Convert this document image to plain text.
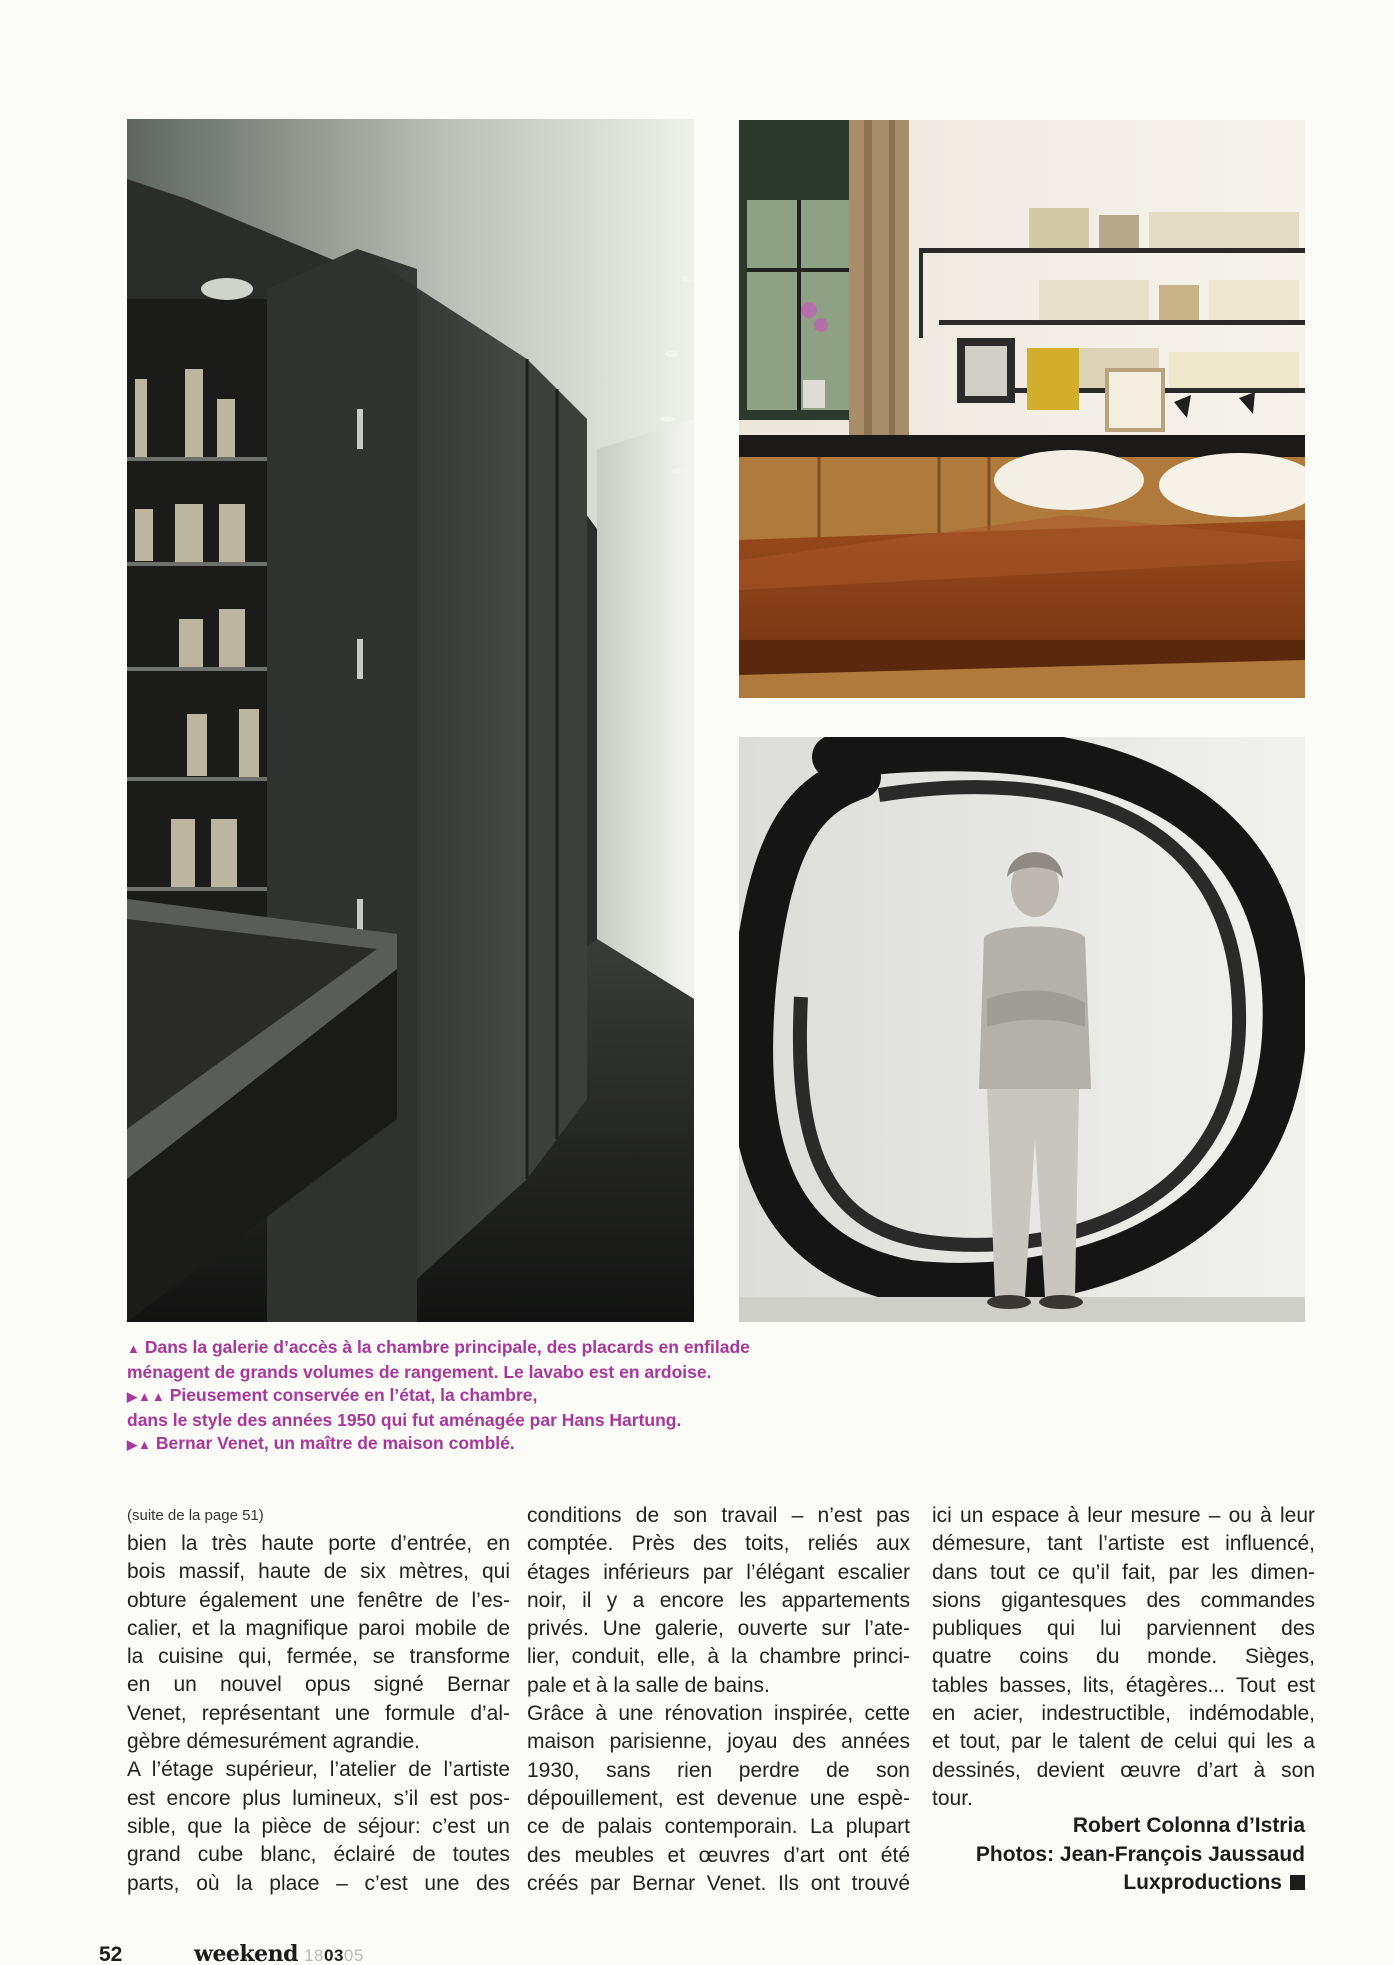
▲ Dans la galerie d’accès à la chambre principale, des placards en enfilade
ménagent de grands volumes de rangement. Le lavabo est en ardoise.
▶▲▲ Pieusement conservée en l’état, la chambre,
dans le style des années 1950 qui fut aménagée par Hans Hartung.
▶▲ Bernar Venet, un maître de maison comblé.
(suite de la page 51)
bien la très haute porte d’entrée, en
bois massif, haute de six mètres, qui
obture également une fenêtre de l’es-
calier, et la magnifique paroi mobile de
la cuisine qui, fermée, se transforme
en un nouvel opus signé Bernar
Venet, représentant une formule d’al-
gèbre démesurément agrandie.
A l’étage supérieur, l’atelier de l’artiste
est encore plus lumineux, s’il est pos-
sible, que la pièce de séjour: c’est un
grand cube blanc, éclairé de toutes
parts, où la place – c’est une des
conditions de son travail – n’est pas
comptée. Près des toits, reliés aux
étages inférieurs par l’élégant escalier
noir, il y a encore les appartements
privés. Une galerie, ouverte sur l’ate-
lier, conduit, elle, à la chambre princi-
pale et à la salle de bains.
Grâce à une rénovation inspirée, cette
maison parisienne, joyau des années
1930, sans rien perdre de son
dépouillement, est devenue une espè-
ce de palais contemporain. La plupart
des meubles et œuvres d’art ont été
créés par Bernar Venet. Ils ont trouvé
ici un espace à leur mesure – ou à leur
démesure, tant l’artiste est influencé,
dans tout ce qu’il fait, par les dimen-
sions gigantesques des commandes
publiques qui lui parviennent des
quatre coins du monde. Sièges,
tables basses, lits, étagères... Tout est
en acier, indestructible, indémodable,
et tout, par le talent de celui qui les a
dessinés, devient œuvre d’art à son
tour.
Robert Colonna d’Istria
Photos: Jean-François Jaussaud
Luxproductions
52	weekend 180305
